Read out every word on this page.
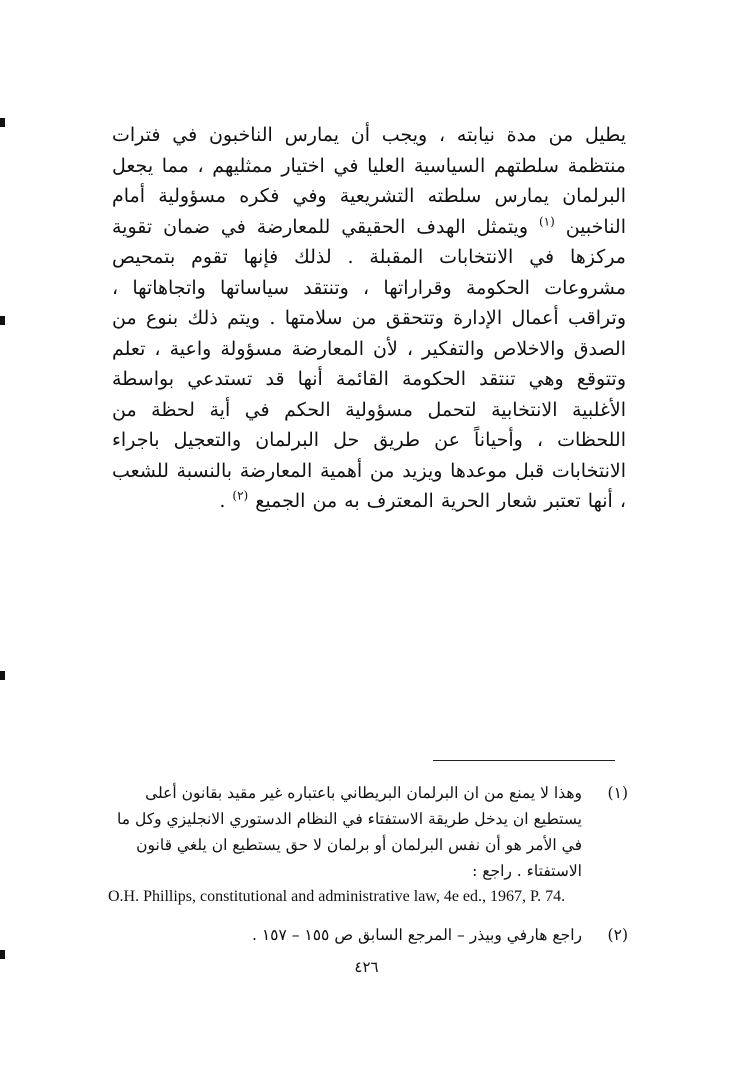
يطيل من مدة نيابته ، ويجب أن يمارس الناخبون في فترات منتظمة سلطتهم السياسية العليا في اختيار ممثليهم ، مما يجعل البرلمان يمارس سلطته التشريعية وفي فكره مسؤولية أمام الناخبين $^{(١)}$ ويتمثل الهدف الحقيقي للمعارضة في ضمان تقوية مركزها في الانتخابات المقبلة . لذلك فإنها تقوم بتمحيص مشروعات الحكومة وقراراتها ، وتنتقد سياساتها واتجاهاتها ، وتراقب أعمال الإدارة وتتحقق من سلامتها . ويتم ذلك بنوع من الصدق والاخلاص والتفكير ، لأن المعارضة مسؤولة واعية ، تعلم وتتوقع وهي تنتقد الحكومة القائمة أنها قد تستدعي بواسطة الأغلبية الانتخابية لتحمل مسؤولية الحكم في أية لحظة من اللحظات ، وأحياناً عن طريق حل البرلمان والتعجيل باجراء الانتخابات قبل موعدها ويزيد من أهمية المعارضة بالنسبة للشعب ، أنها تعتبر شعار الحرية المعترف به من الجميع $^{(٢)}$ .

وهذا لا يمنع من ان البرلمان البريطاني باعتباره غير مقيد بقانون أعلى يستطيع ان يدخل طريقة الاستفتاء في النظام الدستوري الانجليزي وكل ما في الأمر هو أن نفس البرلمان أو برلمان لا حق يستطيع ان يلغي قانون الاستفتاء . راجع :
(١)
O.H. Phillips, constitutional and administrative law, 4e ed., 1967, P. 74.
راجع هارفي وبيذر – المرجع السابق ص ١٥٥ – ١٥٧ .	(٢)
٤٢٦
